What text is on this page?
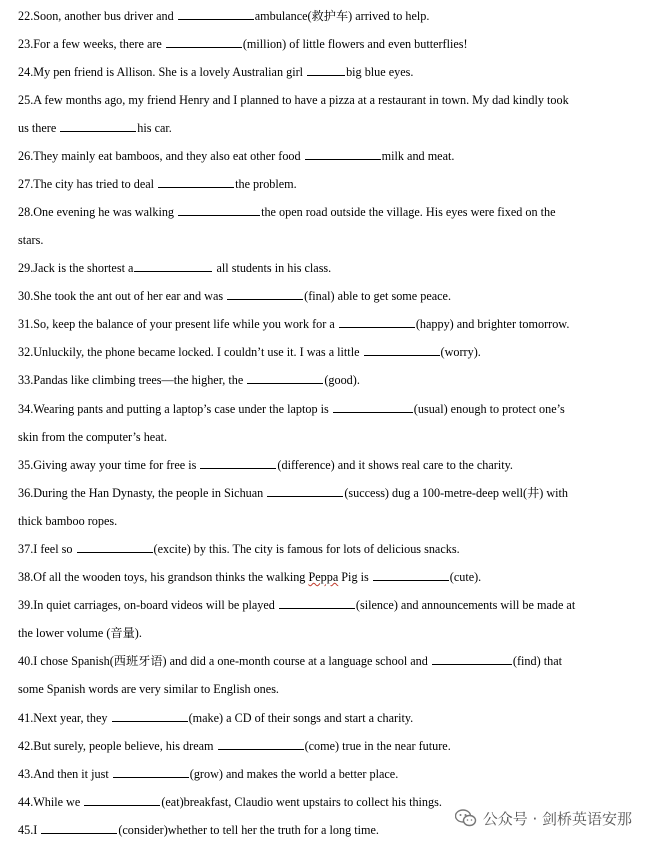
22.Soon, another bus driver and	ambulance(救护车) arrived to help.
23.For a few weeks, there are	(million) of little flowers and even butterflies!
24.My pen friend is Allison. She is a lovely Australian girl	big blue eyes.
25.A few months ago, my friend Henry and I planned to have a pizza at a restaurant in town. My dad kindly took
us there	his car.
26.They mainly eat bamboos, and they also eat other food	milk and meat.
27.The city has tried to deal	the problem.
28.One evening he was walking	the open road outside the village. His eyes were fixed on the
stars.
29.Jack is the shortest a	all students in his class.
30.She took the ant out of her ear and was	(final) able to get some peace.
31.So, keep the balance of your present life while you work for a	(happy) and brighter tomorrow.
32.Unluckily, the phone became locked. I couldn’t use it. I was a little	(worry).
33.Pandas like climbing trees—the higher, the	(good).
34.Wearing pants and putting a laptop’s case under the laptop is	(usual) enough to protect one’s
skin from the computer’s heat.
35.Giving away your time for free is	(difference) and it shows real care to the charity.
36.During the Han Dynasty, the people in Sichuan	(success) dug a 100-metre-deep well(井) with
thick bamboo ropes.
37.I feel so	(excite) by this. The city is famous for lots of delicious snacks.
38.Of all the wooden toys, his grandson thinks the walking Peppa Pig is	(cute).
39.In quiet carriages, on-board videos will be played	(silence) and announcements will be made at
the lower volume (音量).
40.I chose Spanish(西班牙语) and did a one-month course at a language school and	(find) that
some Spanish words are very similar to English ones.
41.Next year, they	(make) a CD of their songs and start a charity.
42.But surely, people believe, his dream	(come) true in the near future.
43.And then it just	(grow) and makes the world a better place.
44.While we	(eat)breakfast, Claudio went upstairs to collect his things.
45.I	(consider)whether to tell her the truth for a long time.
公众号 · 剑桥英语安那
